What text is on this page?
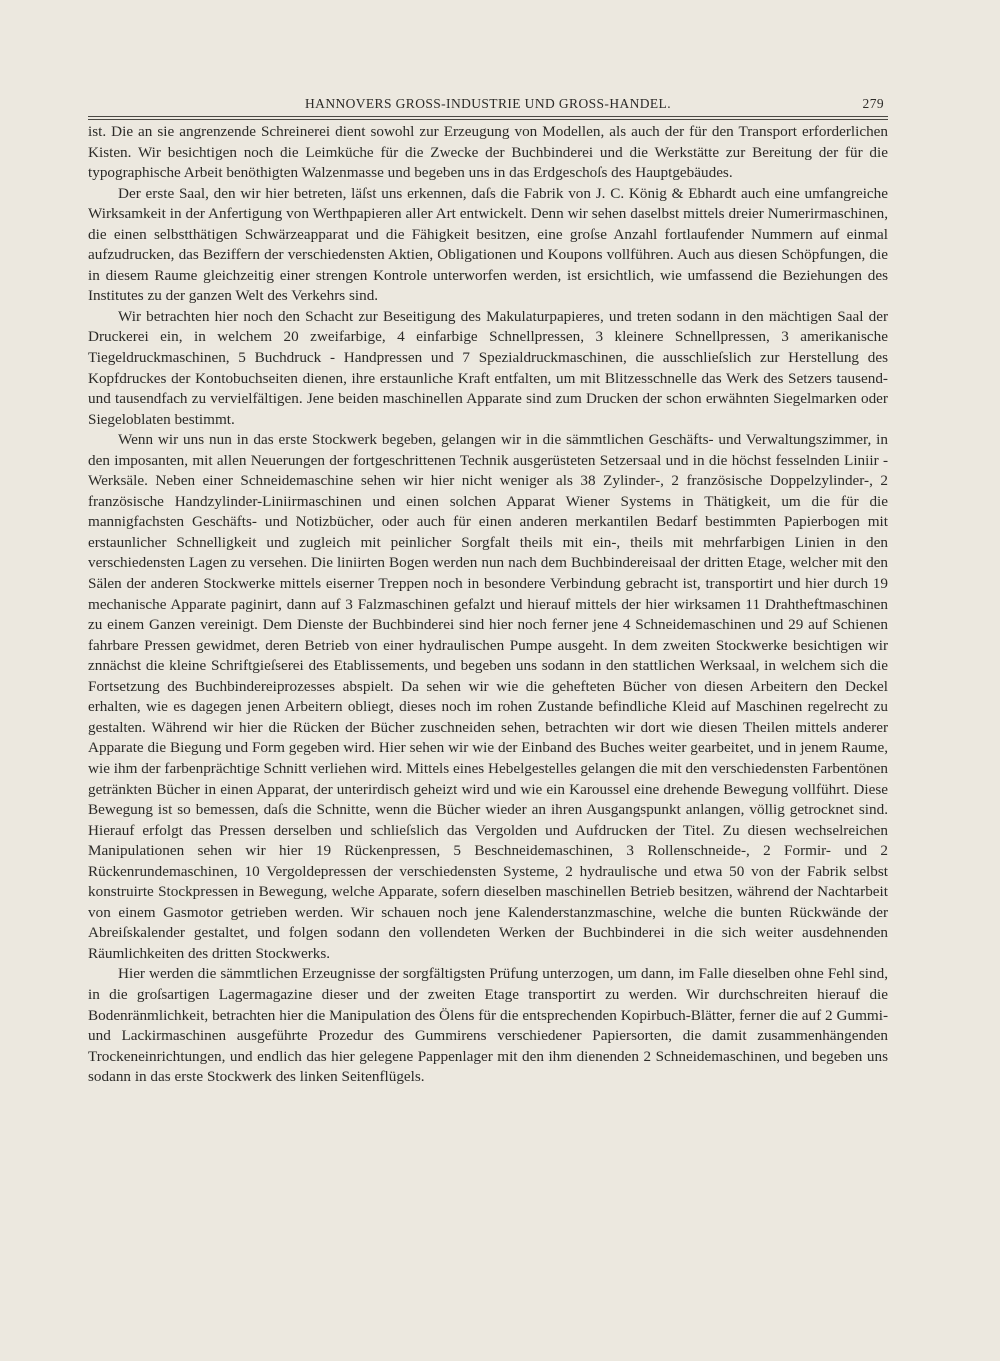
HANNOVERS GROSS-INDUSTRIE UND GROSS-HANDEL.	279

ist. Die an sie angrenzende Schreinerei dient sowohl zur Erzeugung von Modellen, als auch der für den Transport erforderlichen Kisten. Wir besichtigen noch die Leimküche für die Zwecke der Buchbinderei und die Werkstätte zur Bereitung der für die typographische Arbeit benöthigten Walzenmasse und begeben uns in das Erdgeschoſs des Hauptgebäudes.

Der erste Saal, den wir hier betreten, läſst uns erkennen, daſs die Fabrik von J. C. König & Ebhardt auch eine umfangreiche Wirksamkeit in der Anfertigung von Werthpapieren aller Art entwickelt. Denn wir sehen daselbst mittels dreier Numerirmaschinen, die einen selbstthätigen Schwärzeapparat und die Fähigkeit besitzen, eine groſse Anzahl fortlaufender Nummern auf einmal aufzudrucken, das Beziffern der verschiedensten Aktien, Obligationen und Koupons vollführen. Auch aus diesen Schöpfungen, die in diesem Raume gleichzeitig einer strengen Kontrole unterworfen werden, ist ersichtlich, wie umfassend die Beziehungen des Institutes zu der ganzen Welt des Verkehrs sind.

Wir betrachten hier noch den Schacht zur Beseitigung des Makulaturpapieres, und treten sodann in den mächtigen Saal der Druckerei ein, in welchem 20 zweifarbige, 4 einfarbige Schnellpressen, 3 kleinere Schnellpressen, 3 amerikanische Tiegeldruckmaschinen, 5 Buchdruck - Handpressen und 7 Spezialdruckmaschinen, die ausschlieſslich zur Herstellung des Kopfdruckes der Kontobuchseiten dienen, ihre erstaunliche Kraft entfalten, um mit Blitzesschnelle das Werk des Setzers tausend- und tausendfach zu vervielfältigen. Jene beiden maschinellen Apparate sind zum Drucken der schon erwähnten Siegelmarken oder Siegeloblaten bestimmt.

Wenn wir uns nun in das erste Stockwerk begeben, gelangen wir in die sämmtlichen Geschäfts- und Verwaltungszimmer, in den imposanten, mit allen Neuerungen der fortgeschrittenen Technik ausgerüsteten Setzersaal und in die höchst fesselnden Liniir - Werksäle. Neben einer Schneidemaschine sehen wir hier nicht weniger als 38 Zylinder-, 2 französische Doppelzylinder-, 2 französische Handzylinder-Liniirmaschinen und einen solchen Apparat Wiener Systems in Thätigkeit, um die für die mannigfachsten Geschäfts- und Notizbücher, oder auch für einen anderen merkantilen Bedarf bestimmten Papierbogen mit erstaunlicher Schnelligkeit und zugleich mit peinlicher Sorgfalt theils mit ein-, theils mit mehrfarbigen Linien in den verschiedensten Lagen zu versehen. Die liniirten Bogen werden nun nach dem Buchbindereisaal der dritten Etage, welcher mit den Sälen der anderen Stockwerke mittels eiserner Treppen noch in besondere Verbindung gebracht ist, transportirt und hier durch 19 mechanische Apparate paginirt, dann auf 3 Falzmaschinen gefalzt und hierauf mittels der hier wirksamen 11 Drahtheftmaschinen zu einem Ganzen vereinigt. Dem Dienste der Buchbinderei sind hier noch ferner jene 4 Schneidemaschinen und 29 auf Schienen fahrbare Pressen gewidmet, deren Betrieb von einer hydraulischen Pumpe ausgeht. In dem zweiten Stockwerke besichtigen wir znnächst die kleine Schriftgieſserei des Etablissements, und begeben uns sodann in den stattlichen Werksaal, in welchem sich die Fortsetzung des Buchbindereiprozesses abspielt. Da sehen wir wie die gehefteten Bücher von diesen Arbeitern den Deckel erhalten, wie es dagegen jenen Arbeitern obliegt, dieses noch im rohen Zustande befindliche Kleid auf Maschinen regelrecht zu gestalten. Während wir hier die Rücken der Bücher zuschneiden sehen, betrachten wir dort wie diesen Theilen mittels anderer Apparate die Biegung und Form gegeben wird. Hier sehen wir wie der Einband des Buches weiter gearbeitet, und in jenem Raume, wie ihm der farbenprächtige Schnitt verliehen wird. Mittels eines Hebelgestelles gelangen die mit den verschiedensten Farbentönen getränkten Bücher in einen Apparat, der unterirdisch geheizt wird und wie ein Karoussel eine drehende Bewegung vollführt. Diese Bewegung ist so bemessen, daſs die Schnitte, wenn die Bücher wieder an ihren Ausgangspunkt anlangen, völlig getrocknet sind. Hierauf erfolgt das Pressen derselben und schlieſslich das Vergolden und Aufdrucken der Titel. Zu diesen wechselreichen Manipulationen sehen wir hier 19 Rückenpressen, 5 Beschneidemaschinen, 3 Rollenschneide-, 2 Formir- und 2 Rückenrundemaschinen, 10 Vergoldepressen der verschiedensten Systeme, 2 hydraulische und etwa 50 von der Fabrik selbst konstruirte Stockpressen in Bewegung, welche Apparate, sofern dieselben maschinellen Betrieb besitzen, während der Nachtarbeit von einem Gasmotor getrieben werden. Wir schauen noch jene Kalenderstanzmaschine, welche die bunten Rückwände der Abreiſskalender gestaltet, und folgen sodann den vollendeten Werken der Buchbinderei in die sich weiter ausdehnenden Räumlichkeiten des dritten Stockwerks.

Hier werden die sämmtlichen Erzeugnisse der sorgfältigsten Prüfung unterzogen, um dann, im Falle dieselben ohne Fehl sind, in die groſsartigen Lagermagazine dieser und der zweiten Etage transportirt zu werden. Wir durchschreiten hierauf die Bodenränmlichkeit, betrachten hier die Manipulation des Ölens für die entsprechenden Kopirbuch-Blätter, ferner die auf 2 Gummi- und Lackirmaschinen ausgeführte Prozedur des Gummirens verschiedener Papiersorten, die damit zusammenhängenden Trockeneinrichtungen, und endlich das hier gelegene Pappenlager mit den ihm dienenden 2 Schneidemaschinen, und begeben uns sodann in das erste Stockwerk des linken Seitenflügels.
